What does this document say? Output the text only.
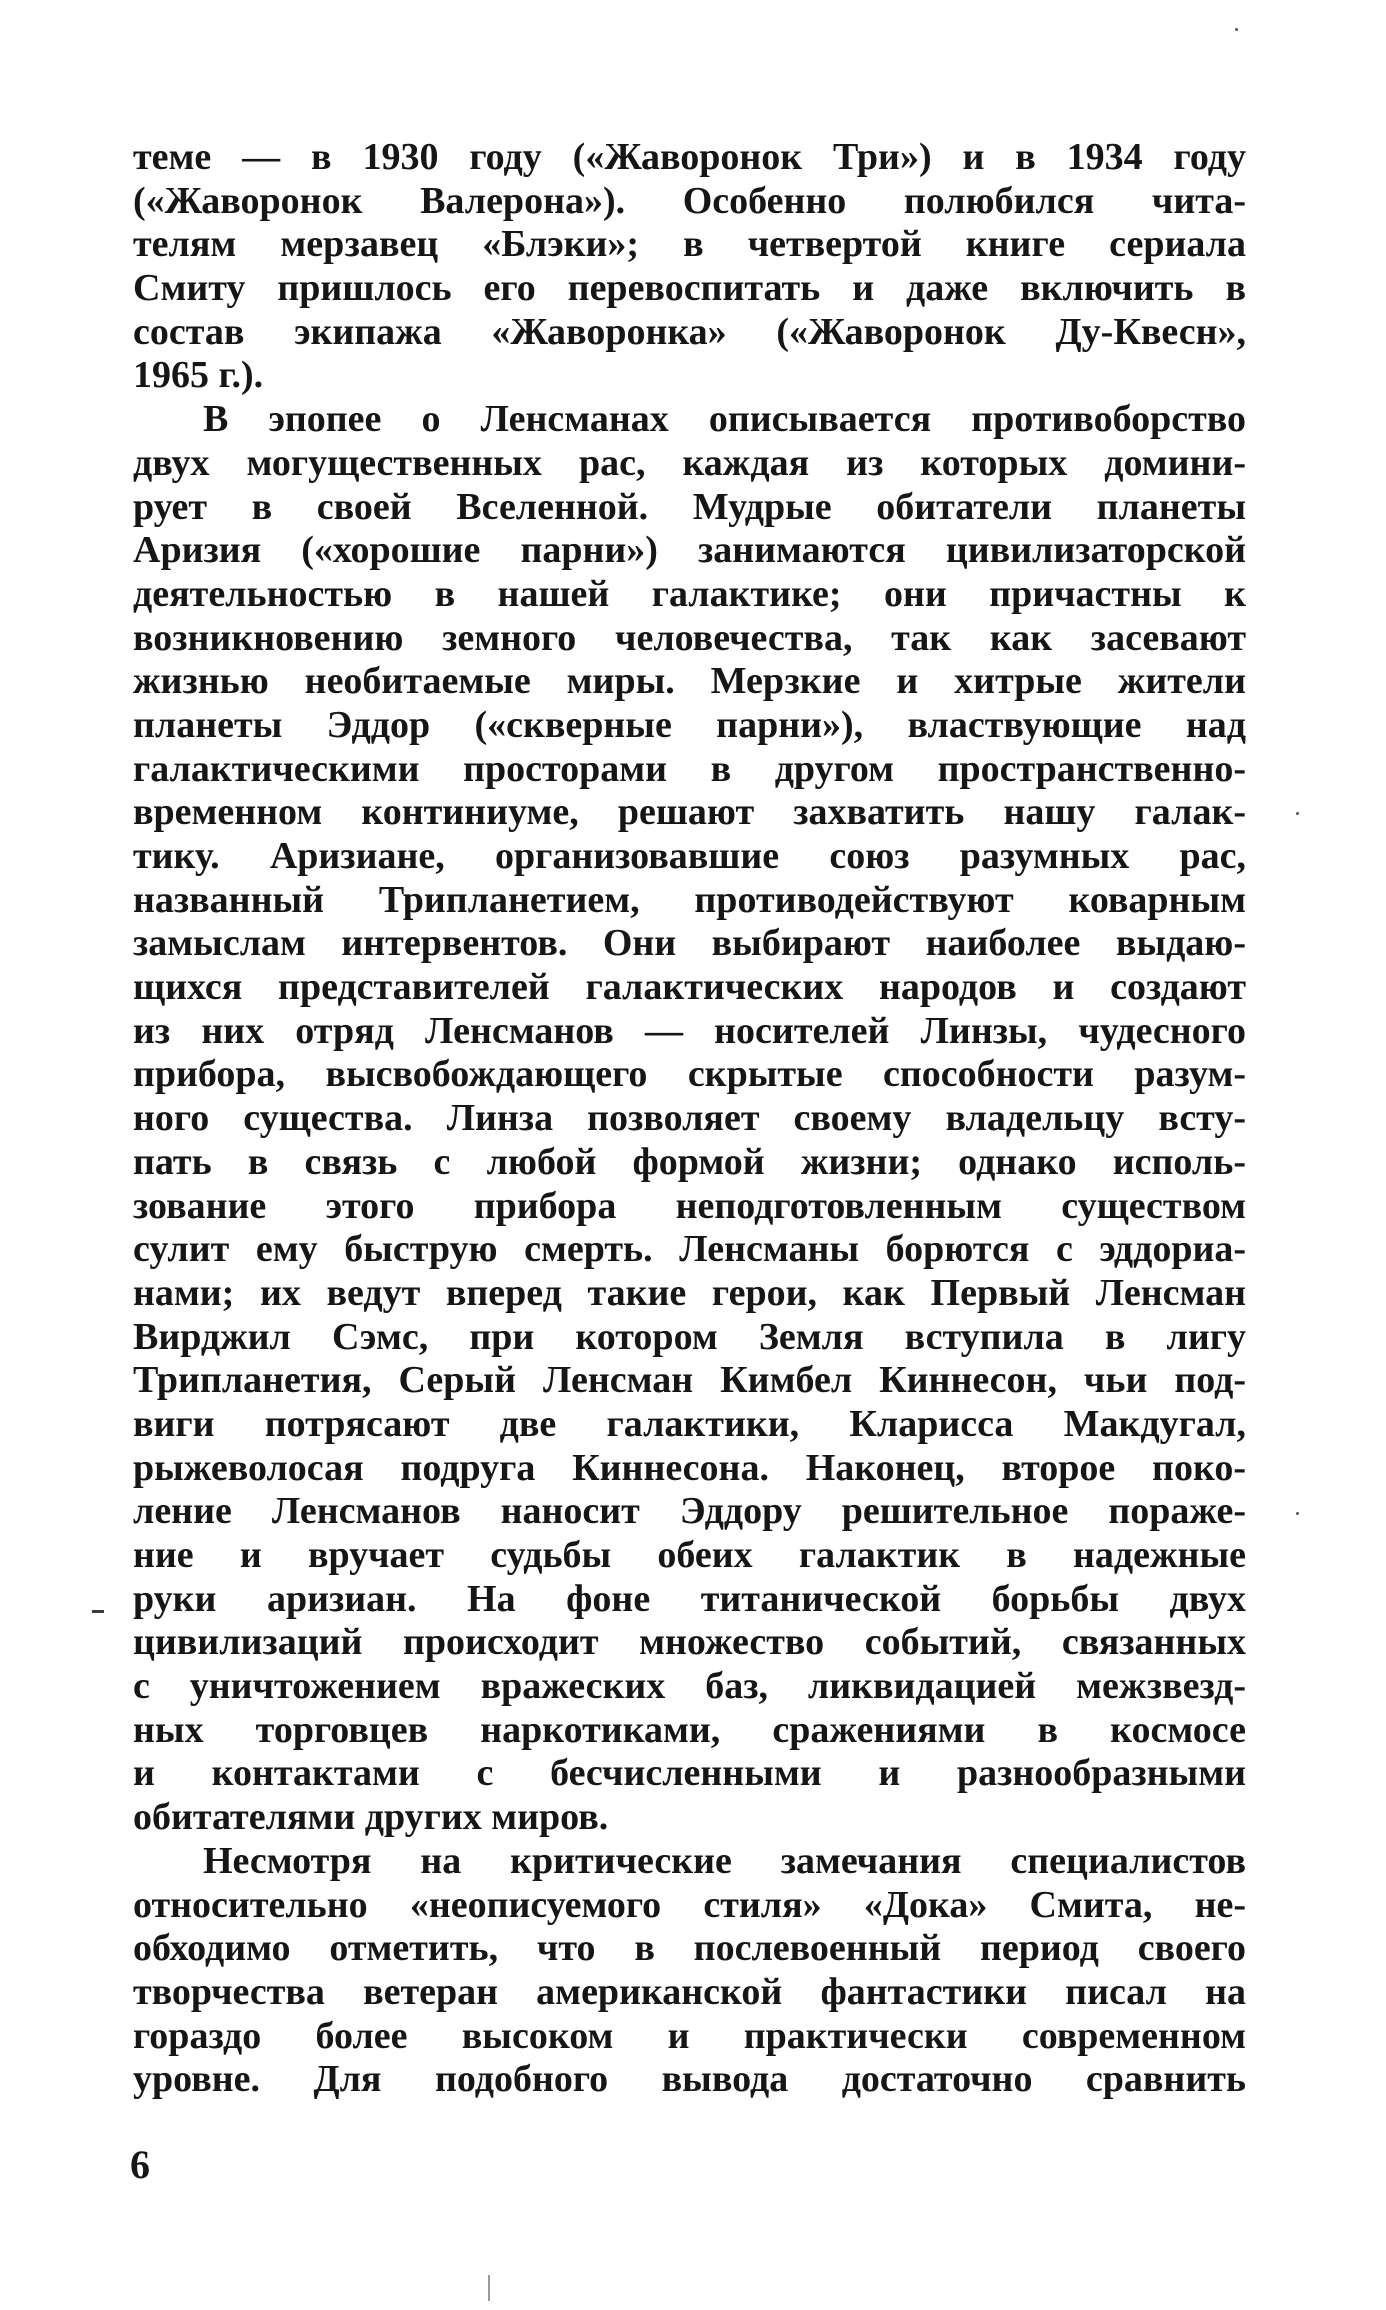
теме — в 1930 году («Жаворонок Три») и в 1934 году
(«Жаворонок Валерона»). Особенно полюбился чита-
телям мерзавец «Блэки»; в четвертой книге сериала
Смиту пришлось его перевоспитать и даже включить в
состав экипажа «Жаворонка» («Жаворонок Ду-Квесн»,
1965 г.).
В эпопее о Ленсманах описывается противоборство
двух могущественных рас, каждая из которых домини-
рует в своей Вселенной. Мудрые обитатели планеты
Аризия («хорошие парни») занимаются цивилизаторской
деятельностью в нашей галактике; они причастны к
возникновению земного человечества, так как засевают
жизнью необитаемые миры. Мерзкие и хитрые жители
планеты Эддор («скверные парни»), властвующие над
галактическими просторами в другом пространственно-
временном континиуме, решают захватить нашу галак-
тику. Аризиане, организовавшие союз разумных рас,
названный Трипланетием, противодействуют коварным
замыслам интервентов. Они выбирают наиболее выдаю-
щихся представителей галактических народов и создают
из них отряд Ленсманов — носителей Линзы, чудесного
прибора, высвобождающего скрытые способности разум-
ного существа. Линза позволяет своему владельцу всту-
пать в связь с любой формой жизни; однако исполь-
зование этого прибора неподготовленным существом
сулит ему быструю смерть. Ленсманы борются с эддориа-
нами; их ведут вперед такие герои, как Первый Ленсман
Вирджил Сэмс, при котором Земля вступила в лигу
Трипланетия, Серый Ленсман Кимбел Киннесон, чьи под-
виги потрясают две галактики, Кларисса Макдугал,
рыжеволосая подруга Киннесона. Наконец, второе поко-
ление Ленсманов наносит Эддору решительное пораже-
ние и вручает судьбы обеих галактик в надежные
руки аризиан. На фоне титанической борьбы двух
цивилизаций происходит множество событий, связанных
с уничтожением вражеских баз, ликвидацией межзвезд-
ных торговцев наркотиками, сражениями в космосе
и контактами с бесчисленными и разнообразными
обитателями других миров.
Несмотря на критические замечания специалистов
относительно «неописуемого стиля» «Дока» Смита, не-
обходимо отметить, что в послевоенный период своего
творчества ветеран американской фантастики писал на
гораздо более высоком и практически современном
уровне. Для подобного вывода достаточно сравнить
6
